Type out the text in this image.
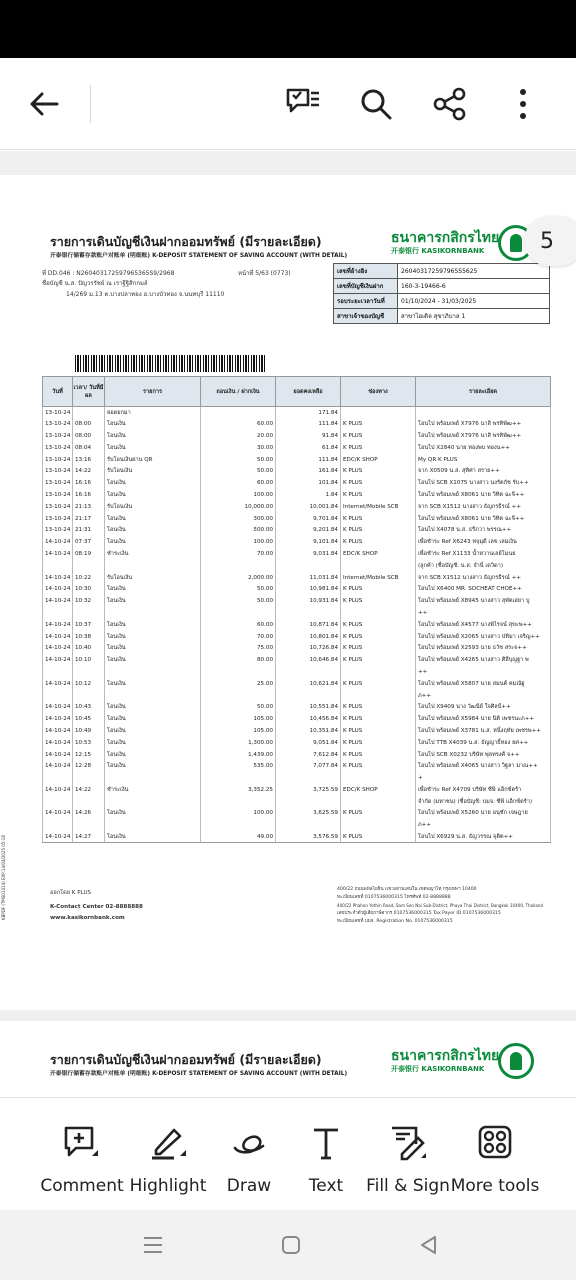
รายการเดินบัญชีเงินฝากออมทรัพย์ (มีรายละเอียด)
开泰银行储蓄存款账户对账单 (明细账) K-DEPOSIT STATEMENT OF SAVING ACCOUNT (WITH DETAIL)
ธนาคารกสิกรไทย
开泰银行 KASIKORNBANK
ที่ DD.046 : N260403172597965365S9/2968	หน้าที่ 5/63 (0773)
ชื่อบัญชี น.ส. ปัญวรรัชย์ ณ เราฐีฐิสิกกมล์
14/269 ม.13 ต.บางปลาทอง อ.บางบัวทอง จ.นนทบุรี 11110
เลขที่อ้างอิง	260403172597965S5625
เลขที่บัญชีเงินฝาก	160-3-19466-6
รอบระยะเวลาวันที่	01/10/2024 - 31/03/2025
สาขาเจ้าของบัญชี	สาขาไอเดิล สุขาภิบาล 1
วันที่	เวลา/ วันที่มีผล	รายการ	ถอนเงิน / ฝากเงิน	ยอดคงเหลือ	ช่องทาง	รายละเอียด
13-10-24		ยอดยกมา		171.84		
13-10-24	08:00	โอนเงิน	60.00	111.84	K PLUS	โอนไป พร้อมเพย์ X7976 นาสิ พรทิพัฒ++
13-10-24	08:00	โอนเงิน	20.00	91.84	K PLUS	โอนไป พร้อมเพย์ X7976 นาสิ พรทิพัฒ++
13-10-24	08:04	โอนเงิน	30.00	61.84	K PLUS	โอนไป X2840 นาย ทองพบ ทองน++
13-10-24	13:16	รับโอนเงินผ่าน QR	50.00	111.84	EDC/K SHOP	My QR K PLUS
13-10-24	14:22	รับโอนเงิน	50.00	161.84	K PLUS	จาก X0509 น.ส. สุทิศา สราย++
13-10-24	16:16	โอนเงิน	60.00	101.84	K PLUS	โอนไป SCB X1075 นางสาว นงรัตกัช รับ++
13-10-24	16:16	โอนเงิน	100.00	1.84	K PLUS	โอนไป พร้อมเพย์ X8061 นาย วิทิต ฉะจี++
13-10-24	21:13	รับโอนเงิน	10,000.00	10,001.84	Internet/Mobile SCB	จาก SCB X1512 นางสาว ธัญกรธีรณ์ ++
13-10-24	21:17	โอนเงิน	300.00	9,701.84	K PLUS	โอนไป พร้อมเพย์ X8061 นาย วิทิต ฉะจี++
13-10-24	21:31	โอนเงิน	500.00	9,201.84	K PLUS	โอนไป X4078 น.ส. ธรีภวา พรรณ++
14-10-24	07:37	โอนเงิน	100.00	9,101.84	K PLUS	เพื่อชำระ Ref X6243 หจุมุดี เลข เล่มเงิน
14-10-24	08:19	ชำระเงิน	70.00	9,031.84	EDC/K SHOP	เพื่อชำระ Ref X1133 น้ำหวานเลย์โมนย
						(ลูกค้า (ชื่อบัญชี: น.ส. จำนี่ เดวิดา)
14-10-24	10:22	รับโอนเงิน	2,000.00	11,031.84	Internet/Mobile SCB	จาก SCB X1512 นางสาว ธัญกรธีรณ์ ++
14-10-24	10:30	โอนเงิน	50.00	10,981.84	K PLUS	โอนไป X6400 MR. SOCHEAT CHOE++
14-10-24	10:32	โอนเงิน	50.00	10,931.84	K PLUS	โอนไป พร้อมเพย์ X8945 นางสาว สุพัตเสยา บู
						++
14-10-24	10:37	โอนเงิน	60.00	10,871.84	K PLUS	โอนไป พร้อมเพย์ X4577 นางพิไรจน์ สุขะพ++
14-10-24	10:38	โอนเงิน	70.00	10,801.84	K PLUS	โอนไป พร้อมเพย์ X2065 นางสาว ปทิมา เจริญ++
14-10-24	10:40	โอนเงิน	75.00	10,726.84	K PLUS	โอนไป พร้อมเพย์ X2593 นาย ธวัช สระจ++
14-10-24	10:10	โอนเงิน	80.00	10,646.84	K PLUS	โอนไป พร้อมเพย์ X4265 นางสาว ศิลีบุญฐา พ
						++
14-10-24	10:12	โอนเงิน	25.00	10,621.84	K PLUS	โอนไป พร้อมเพย์ X5807 นาย สมนต์ คมณัฐ
						ภ++
14-10-24	10:43	โอนเงิน	50.00	10,551.84	K PLUS	โอนไป X9409 นาง วัฒนีย์ ใจศิลป์++
14-10-24	10:45	โอนเงิน	105.00	10,456.84	K PLUS	โอนไป พร้อมเพย์ X5984 นาย นิติ เพชรนะภ++
14-10-24	10:49	โอนเงิน	105.00	10,351.84	K PLUS	โอนไป พร้อมเพย์ X3781 น.ส. หนึ่งฤทัย เพชรพ++
14-10-24	10:53	โอนเงิน	1,300.00	9,051.84	K PLUS	โอนไป TTB X4039 น.ส. ธัญญาธิ์ทอง ยศ++
14-10-24	12:15	โอนเงิน	1,439.00	7,612.84	K PLUS	โอนไป SCB X0232 บริษัท พุ่ลทรงศ์ จ++
14-10-24	12:28	โอนเงิน	535.00	7,077.84	K PLUS	โอนไป พร้อมเพย์ X4065 นางสาว วิฐลา มาณ++
						+
14-10-24	14:22	ชำระเงิน	3,352.25	3,725.59	EDC/K SHOP	เพื่อชำระ Ref X4709 บริษัท ซีพี แอ็กซ์ตร้า
						จำกัด (มหาชน) (ชื่อบัญชี: บมจ. ซีพี แอ็กซ์ตร้า)
14-10-24	14:26	โอนเงิน	100.00	3,625.59	K PLUS	โอนไป พร้อมเพย์ X5260 นาย อนุชัก เจษฎาย
						ภ++
14-10-24	14:27	โอนเงิน	49.00	3,576.59	K PLUS	โอนไป X6929 น.ส. ธัญวรรณ จุติต++
ออกโดย K PLUS
K-Contact Center 02-8888888
www.kasikornbank.com
400/22 ถนนพหลโยธิน แขวงสามเสนใน เขตพญาไท กรุงเทพฯ 10400
ทะเบียนเลขที่ 0107536000315 โทรศัพท์ 02-8888888
400/22 Phahon Yothin Road, Sam Sen Nai Sub-District, Phaya Thai District, Bangkok 10400, Thailand
เลขประจำตัวผู้เสียภาษีอากร 0107536000315 Tax Payer ID 0107536000315
ทะเบียนเลขที่ บมจ. Registration No. 0107536000315
KBPDF (TMS01414) EXP:14/04/2025 05:18
รายการเดินบัญชีเงินฝากออมทรัพย์ (มีรายละเอียด)
开泰银行储蓄存款账户对账单 (明细账) K-DEPOSIT STATEMENT OF SAVING ACCOUNT (WITH DETAIL)
ธนาคารกสิกรไทย
开泰银行 KASIKORNBANK
5
Comment Highlight Draw Text Fill & Sign More tools
